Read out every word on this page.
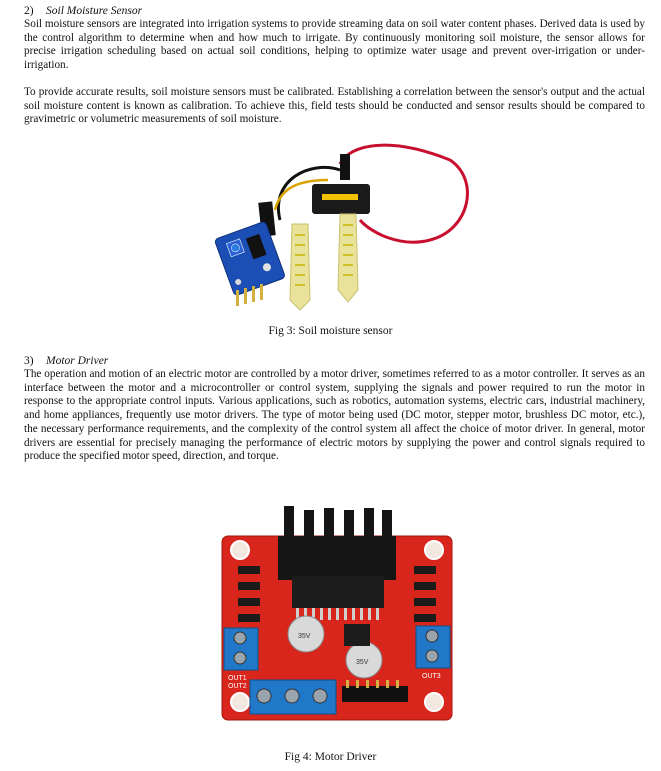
2) Soil Moisture Sensor

Soil moisture sensors are integrated into irrigation systems to provide streaming data on soil water content phases. Derived data is used by the control algorithm to determine when and how much to irrigate. By continuously monitoring soil moisture, the sensor allows for precise irrigation scheduling based on actual soil conditions, helping to optimize water usage and prevent over-irrigation or under-irrigation.

To provide accurate results, soil moisture sensors must be calibrated. Establishing a correlation between the sensor's output and the actual soil moisture content is known as calibration. To achieve this, field tests should be conducted and sensor results should be compared to gravimetric or volumetric measurements of soil moisture.

Fig 3: Soil moisture sensor
3) Motor Driver

The operation and motion of an electric motor are controlled by a motor driver, sometimes referred to as a motor controller. It serves as an interface between the motor and a microcontroller or control system, supplying the signals and power required to run the motor in response to the appropriate control inputs. Various applications, such as robotics, automation systems, electric cars, industrial machinery, and home appliances, frequently use motor drivers. The type of motor being used (DC motor, stepper motor, brushless DC motor, etc.), the necessary performance requirements, and the complexity of the control system all affect the choice of motor driver. In general, motor drivers are essential for precisely managing the performance of electric motors by supplying the power and control signals required to produce the specified motor speed, direction, and torque.

35V
35V
OUT1
OUT2
OUT3
Fig 4: Motor Driver
